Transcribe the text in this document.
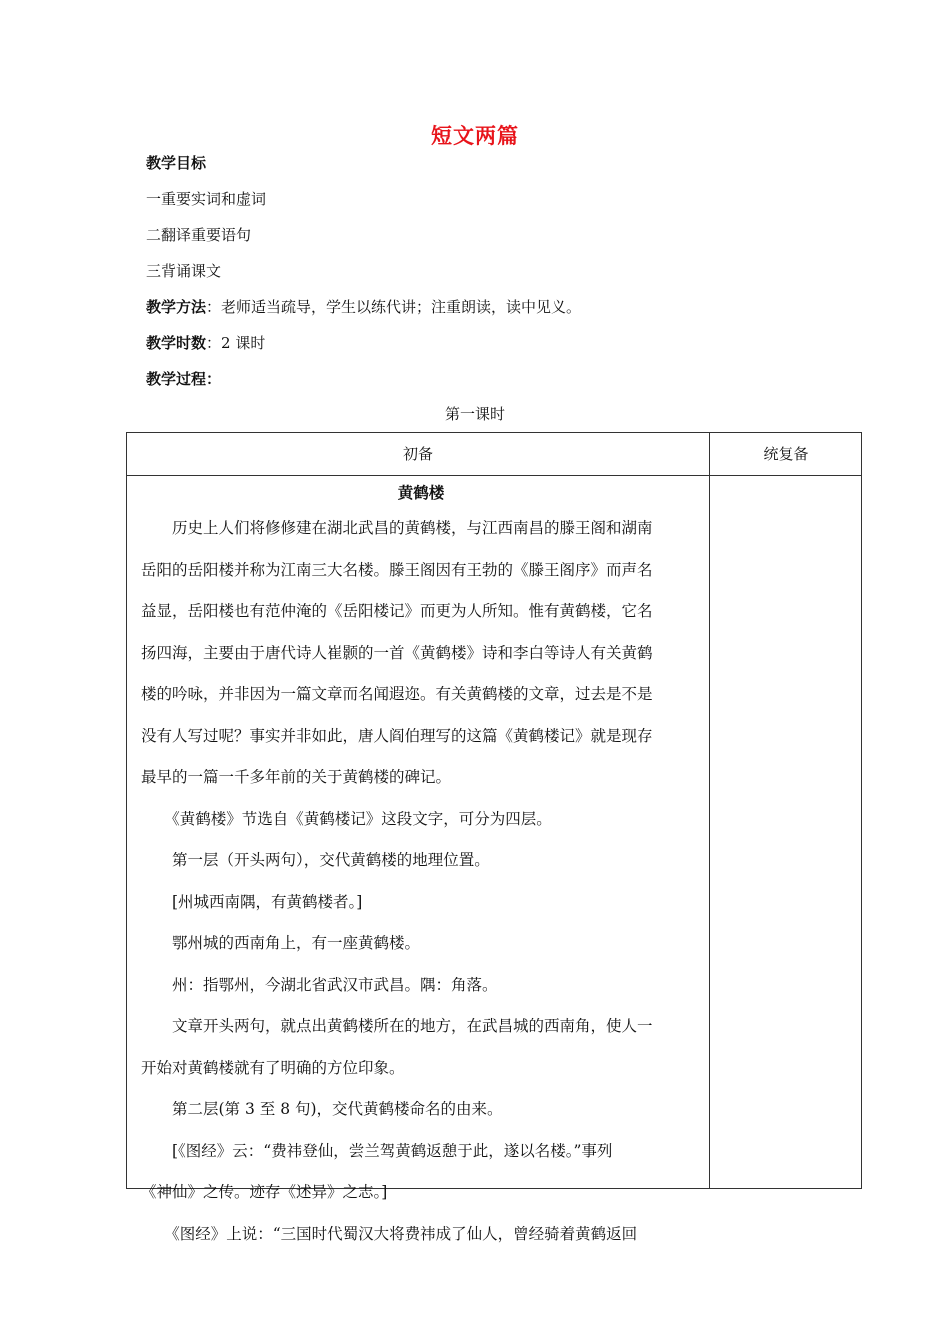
短文两篇
教学目标
一重要实词和虚词
二翻译重要语句
三背诵课文
教学方法：老师适当疏导，学生以练代讲；注重朗读，读中见义。
教学时数：2 课时
教学过程：
第一课时
初备	统复备

黄鹤楼

　　历史上人们将修修建在湖北武昌的黄鹤楼，与江西南昌的滕王阁和湖南

岳阳的岳阳楼并称为江南三大名楼。滕王阁因有王勃的《滕王阁序》而声名

益显，岳阳楼也有范仲淹的《岳阳楼记》而更为人所知。惟有黄鹤楼，它名

扬四海，主要由于唐代诗人崔颢的一首《黄鹤楼》诗和李白等诗人有关黄鹤

楼的吟咏，并非因为一篇文章而名闻遐迩。有关黄鹤楼的文章，过去是不是

没有人写过呢？事实并非如此，唐人阎伯理写的这篇《黄鹤楼记》就是现存

最早的一篇一千多年前的关于黄鹤楼的碑记。

　　《黄鹤楼》节选自《黄鹤楼记》这段文字，可分为四层。

　　第一层（开头两句），交代黄鹤楼的地理位置。

　　[州城西南隅，有黄鹤楼者。]

　　鄂州城的西南角上，有一座黄鹤楼。

　　州：指鄂州，今湖北省武汉市武昌。隅：角落。

　　文章开头两句，就点出黄鹤楼所在的地方，在武昌城的西南角，使人一

开始对黄鹤楼就有了明确的方位印象。

　　第二层(第 3 至 8 句)，交代黄鹤楼命名的由来。

　　[《图经》云：“费祎登仙，尝兰驾黄鹤返憩于此，遂以名楼。”事列

《神仙》之传。迹存《述异》之志。]

　　《图经》上说：“三国时代蜀汉大将费祎成了仙人，曾经骑着黄鹤返回
